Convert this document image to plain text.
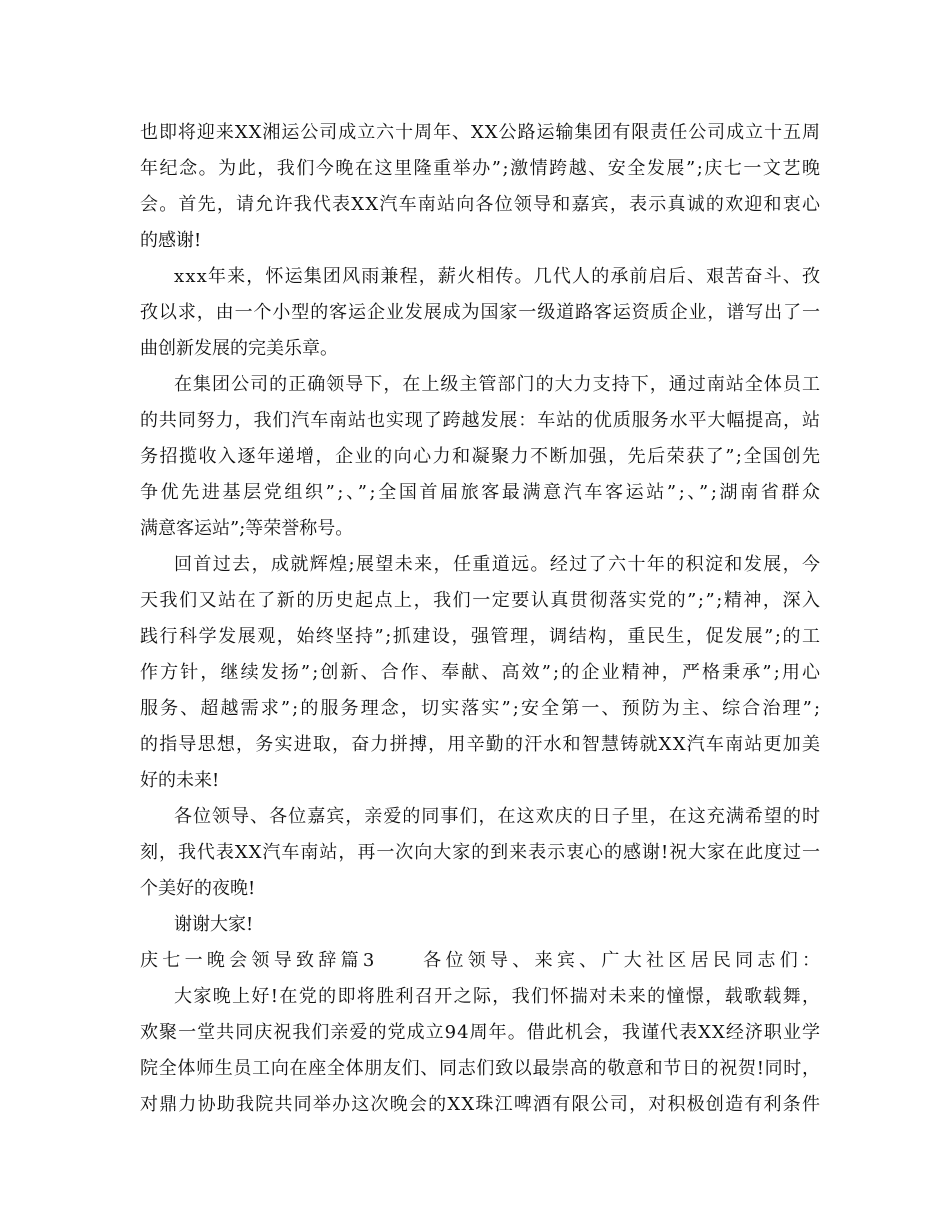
也即将迎来XX湘运公司成立六十周年、XX公路运输集团有限责任公司成立十五周
年纪念。为此，我们今晚在这里隆重举办”;激情跨越、安全发展”;庆七一文艺晚
会。首先，请允许我代表XX汽车南站向各位领导和嘉宾，表示真诚的欢迎和衷心
的感谢!
xxx年来，怀运集团风雨兼程，薪火相传。几代人的承前启后、艰苦奋斗、孜
孜以求，由一个小型的客运企业发展成为国家一级道路客运资质企业，谱写出了一
曲创新发展的完美乐章。
在集团公司的正确领导下，在上级主管部门的大力支持下，通过南站全体员工
的共同努力，我们汽车南站也实现了跨越发展：车站的优质服务水平大幅提高，站
务招揽收入逐年递增，企业的向心力和凝聚力不断加强，先后荣获了”;全国创先
争优先进基层党组织”;、”;全国首届旅客最满意汽车客运站”;、”;湖南省群众
满意客运站”;等荣誉称号。
回首过去，成就辉煌;展望未来，任重道远。经过了六十年的积淀和发展，今
天我们又站在了新的历史起点上，我们一定要认真贯彻落实党的”;”;精神，深入
践行科学发展观，始终坚持”;抓建设，强管理，调结构，重民生，促发展”;的工
作方针，继续发扬”;创新、合作、奉献、高效”;的企业精神，严格秉承”;用心
服务、超越需求”;的服务理念，切实落实”;安全第一、预防为主、综合治理”;
的指导思想，务实进取，奋力拼搏，用辛勤的汗水和智慧铸就XX汽车南站更加美
好的未来!
各位领导、各位嘉宾，亲爱的同事们，在这欢庆的日子里，在这充满希望的时
刻，我代表XX汽车南站，再一次向大家的到来表示衷心的感谢!祝大家在此度过一
个美好的夜晚!
谢谢大家!
庆七一晚会领导致辞篇3　　各位领导、来宾、广大社区居民同志们：
大家晚上好!在党的即将胜利召开之际，我们怀揣对未来的憧憬，载歌载舞，
欢聚一堂共同庆祝我们亲爱的党成立94周年。借此机会，我谨代表XX经济职业学
院全体师生员工向在座全体朋友们、同志们致以最崇高的敬意和节日的祝贺!同时，
对鼎力协助我院共同举办这次晚会的XX珠江啤酒有限公司，对积极创造有利条件
